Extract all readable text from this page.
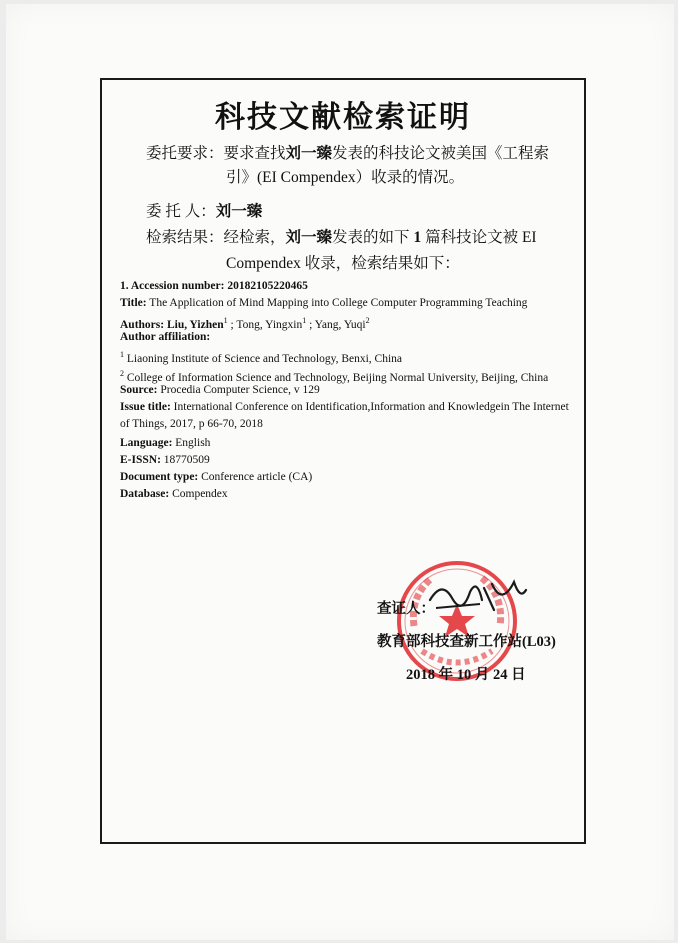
科技文献检索证明
委托要求：要求查找刘一臻发表的科技论文被美国《工程索
引》(EI Compendex）收录的情况。
委 托 人：刘一臻
检索结果：经检索，刘一臻发表的如下 1 篇科技论文被 EI
Compendex 收录，检索结果如下：
1. Accession number: 20182105220465
Title: The Application of Mind Mapping into College Computer Programming Teaching
Authors: Liu, Yizhen$^1$ ; Tong, Yingxin$^1$ ; Yang, Yuqi$^2$
Author affiliation:
$^1$ Liaoning Institute of Science and Technology, Benxi, China
$^2$ College of Information Science and Technology, Beijing Normal University, Beijing, China
Source: Procedia Computer Science, v 129
Issue title: International Conference on Identification,Information and Knowledgein The Internet
of Things, 2017, p 66-70, 2018
Language: English
E-ISSN: 18770509
Document type: Conference article (CA)
Database: Compendex
查证人：
教育部科技查新工作站(L03)
2018 年 10 月 24 日
